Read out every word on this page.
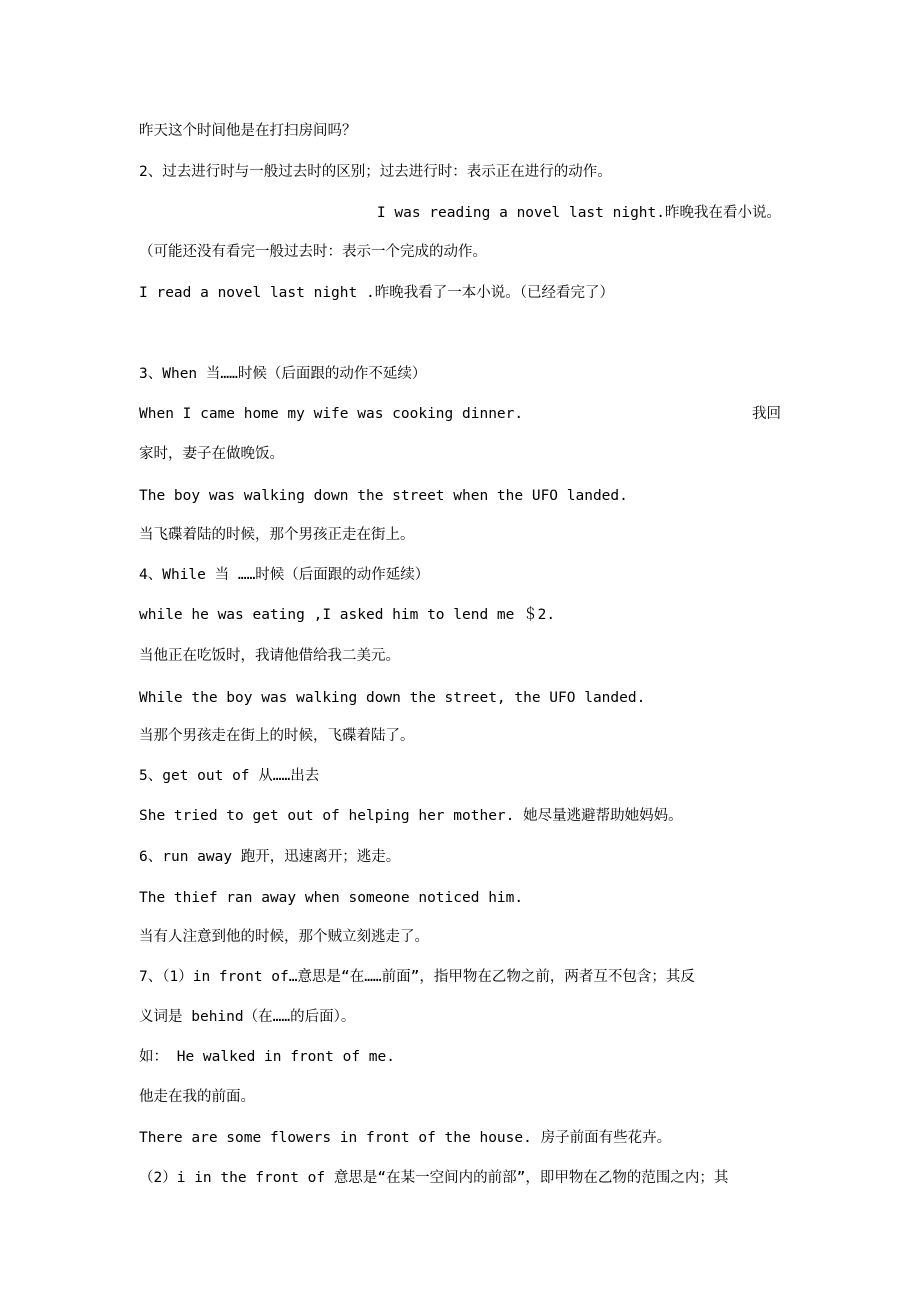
昨天这个时间他是在打扫房间吗？
2、过去进行时与一般过去时的区别；过去进行时：表示正在进行的动作。
I was reading a novel last night.昨晚我在看小说。
（可能还没有看完一般过去时：表示一个完成的动作。
I read a novel last night .昨晚我看了一本小说。（已经看完了）
3、When 当……时候（后面跟的动作不延续）
When I came home my wife was cooking dinner.	我回
家时，妻子在做晚饭。
The boy was walking down the street when the UFO landed.
当飞碟着陆的时候，那个男孩正走在街上。
4、While 当 ……时候（后面跟的动作延续）
while he was eating ,I asked him to lend me ＄2.
当他正在吃饭时，我请他借给我二美元。
While the boy was walking down the street, the UFO landed.
当那个男孩走在街上的时候，飞碟着陆了。
5、get out of 从……出去
She tried to get out of helping her mother. 她尽量逃避帮助她妈妈。
6、run away 跑开，迅速离开；逃走。
The thief ran away when someone noticed him.
当有人注意到他的时候，那个贼立刻逃走了。
7、（1）in front of…意思是“在……前面”，指甲物在乙物之前，两者互不包含；其反
义词是 behind（在……的后面）。
如： He walked in front of me.
他走在我的前面。
There are some flowers in front of the house. 房子前面有些花卉。
（2）i in the front of 意思是“在某一空间内的前部”，即甲物在乙物的范围之内；其
